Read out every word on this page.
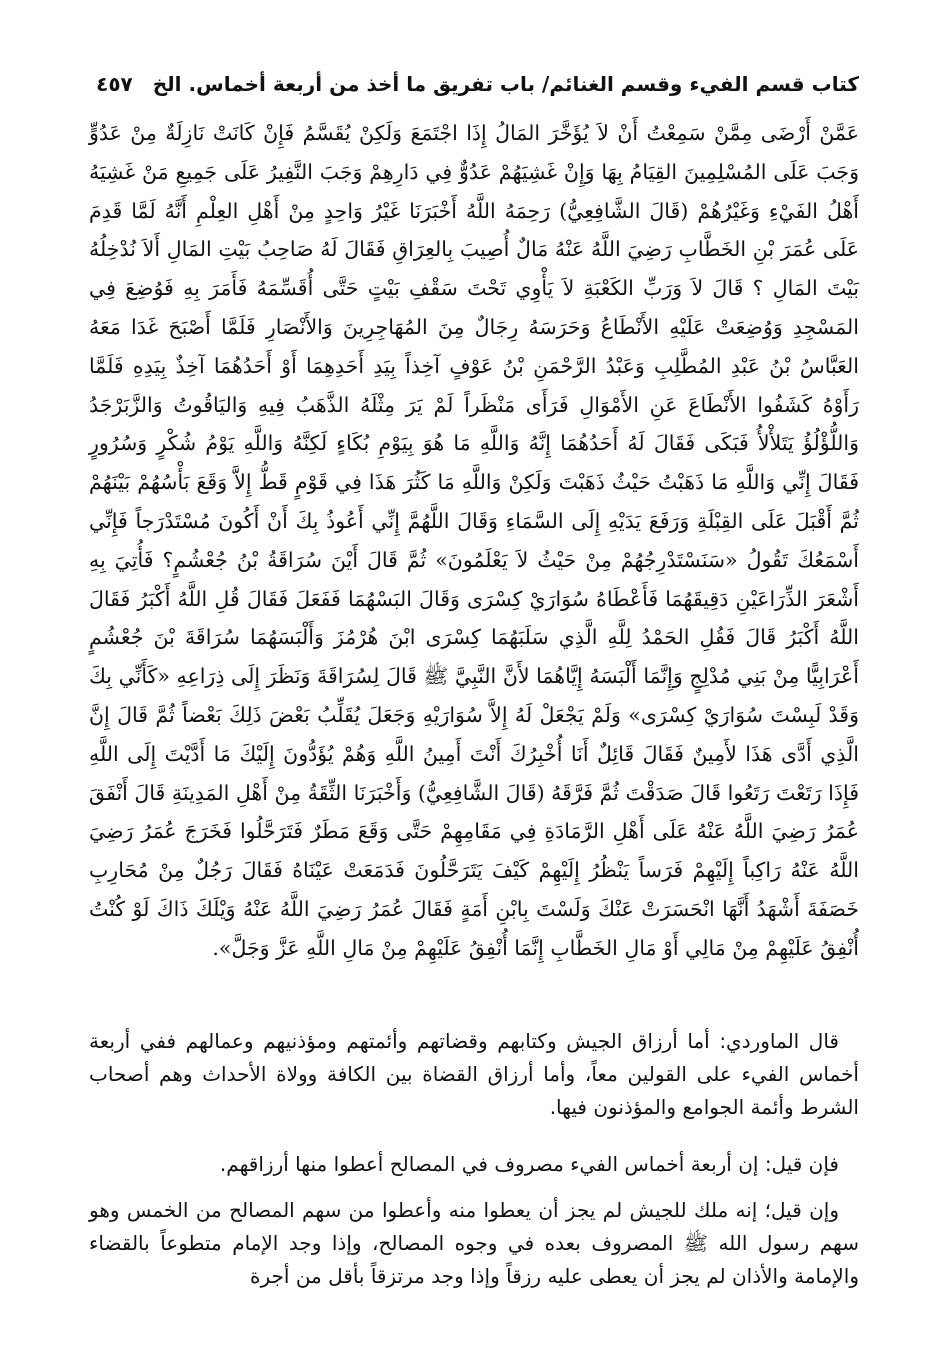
كتاب قسم الفيء وقسم الغنائم/ باب تفريق ما أخذ من أربعة أخماس. الخ
٤٥٧

عَمَّنْ أَرْضَى مِمَّنْ سَمِعْتُ أَنْ لاَ يُؤَخَّرَ المَالُ إِذَا اجْتَمَعَ وَلَكِنْ يُقَسَّمُ فَإِنْ كَانَتْ نَازِلَةٌ مِنْ عَدُوٍّ وَجَبَ عَلَى المُسْلِمِينَ القِيَامُ بِهَا وَإِنْ غَشِيَهُمْ عَدُوٌّ فِي دَارِهِمْ وَجَبَ النَّفِيرُ عَلَى جَمِيعِ مَنْ غَشِيَهُ أَهْلُ الفَيْءِ وَغَيْرُهُمْ (قَالَ الشَّافِعِيُّ) رَحِمَهُ اللَّهُ أَخْبَرَنَا غَيْرُ وَاحِدٍ مِنْ أَهْلِ العِلْمِ أَنَّهُ لَمَّا قَدِمَ عَلَى عُمَرَ بْنِ الخَطَّابِ رَضِيَ اللَّهُ عَنْهُ مَالٌ أُصِيبَ بِالعِرَاقِ فَقَالَ لَهُ صَاحِبُ بَيْتِ المَالِ أَلاَ نُدْخِلُهُ بَيْتَ المَالِ ؟ قَالَ لاَ وَرَبِّ الكَعْبَةِ لاَ يَأْوِي تَحْتَ سَقْفِ بَيْتٍ حَتَّى أُقَسِّمَهُ فَأَمَرَ بِهِ فَوُضِعَ فِي المَسْجِدِ وَوُضِعَتْ عَلَيْهِ الأَنْطَاعُ وَحَرَسَهُ رِجَالٌ مِنَ المُهَاجِرِينَ وَالأَنْصَارِ فَلَمَّا أَصْبَحَ غَدَا مَعَهُ العَبَّاسُ بْنُ عَبْدِ المُطَّلِبِ وَعَبْدُ الرَّحْمَنِ بْنُ عَوْفٍ آخِذاً بِيَدِ أَحَدِهِمَا أَوْ أَحَدُهُمَا آخِذٌ بِيَدِهِ فَلَمَّا رَأَوْهُ كَشَفُوا الأَنْطَاعَ عَنِ الأَمْوَالِ فَرَأَى مَنْظَراً لَمْ يَرَ مِثْلَهُ الذَّهَبُ فِيهِ وَاليَاقُوتُ وَالزَّبَرْجَدُ وَاللُّؤْلُؤُ يَتَلأْلأُ فَبَكَى فَقَالَ لَهُ أَحَدُهُمَا إِنَّهُ وَاللَّهِ مَا هُوَ بِيَوْمِ بُكَاءٍ لَكِنَّهُ وَاللَّهِ يَوْمُ شُكْرٍ وَسُرُورٍ فَقَالَ إِنِّي وَاللَّهِ مَا ذَهَبْتُ حَيْثُ ذَهَبْتَ وَلَكِنْ وَاللَّهِ مَا كَثُرَ هَذَا فِي قَوْمٍ قَطُّ إِلاَّ وَقَعَ بَأْسُهُمْ بَيْنَهُمْ ثُمَّ أَقْبَلَ عَلَى القِبْلَةِ وَرَفَعَ يَدَيْهِ إِلَى السَّمَاءِ وَقَالَ اللَّهُمَّ إِنِّي أَعُوذُ بِكَ أَنْ أَكُونَ مُسْتَدْرَجاً فَإِنِّي أَسْمَعُكَ تَقُولُ «سَنَسْتَدْرِجُهُمْ مِنْ حَيْثُ لاَ يَعْلَمُونَ» ثُمَّ قَالَ أَيْنَ سُرَاقَةُ بْنُ جُعْشُمٍ؟ فَأُتِيَ بِهِ أَشْعَرَ الذِّرَاعَيْنِ دَقِيقَهُمَا فَأَعْطَاهُ سُوَارَيْ كِسْرَى وَقَالَ البَسْهُمَا فَفَعَلَ فَقَالَ قُلِ اللَّهُ أَكْبَرُ فَقَالَ اللَّهُ أَكْبَرُ قَالَ فَقُلِ الحَمْدُ لِلَّهِ الَّذِي سَلَبَهُمَا كِسْرَى ابْنَ هُرْمُزَ وَأَلْبَسَهُمَا سُرَاقَةَ بْنَ جُعْشُمٍ أَعْرَابِيًّا مِنْ بَنِي مُدْلِجٍ وَإِنَّمَا أَلْبَسَهُ إِيَّاهُمَا لأَنَّ النَّبِيَّ ﷺ قَالَ لِسُرَاقَةَ وَنَظَرَ إِلَى ذِرَاعِهِ «كَأَنِّي بِكَ وَقَدْ لَبِسْتَ سُوَارَيْ كِسْرَى» وَلَمْ يَجْعَلْ لَهُ إِلاَّ سُوَارَيْهِ وَجَعَلَ يُقَلِّبُ بَعْضَ ذَلِكَ بَعْضاً ثُمَّ قَالَ إِنَّ الَّذِي أَدَّى هَذَا لأَمِينٌ فَقَالَ قَائِلٌ أَنَا أُخْبِرُكَ أَنْتَ أَمِينُ اللَّهِ وَهُمْ يُؤَدُّونَ إِلَيْكَ مَا أَدَّيْتَ إِلَى اللَّهِ فَإِذَا رَتَعْتَ رَتَعُوا قَالَ صَدَقْتَ ثُمَّ فَرَّقَهُ (قَالَ الشَّافِعِيُّ) وَأَخْبَرَنَا الثِّقَةُ مِنْ أَهْلِ المَدِينَةِ قَالَ أَنْفَقَ عُمَرُ رَضِيَ اللَّهُ عَنْهُ عَلَى أَهْلِ الرَّمَادَةِ فِي مَقَامِهِمْ حَتَّى وَقَعَ مَطَرٌ فَتَرَحَّلُوا فَخَرَجَ عُمَرُ رَضِيَ اللَّهُ عَنْهُ رَاكِباً إِلَيْهِمْ فَرَساً يَنْظُرُ إِلَيْهِمْ كَيْفَ يَتَرَحَّلُونَ فَدَمَعَتْ عَيْنَاهُ فَقَالَ رَجُلٌ مِنْ مُحَارِبِ خَصَفَةَ أَشْهَدُ أَنَّهَا انْحَسَرَتْ عَنْكَ وَلَسْتَ بِابْنِ أَمَةٍ فَقَالَ عُمَرُ رَضِيَ اللَّهُ عَنْهُ وَيْلَكَ ذَاكَ لَوْ كُنْتُ أُنْفِقُ عَلَيْهِمْ مِنْ مَالِي أَوْ مَالِ الخَطَّابِ إِنَّمَا أُنْفِقُ عَلَيْهِمْ مِنْ مَالِ اللَّهِ عَزَّ وَجَلَّ».

قال الماوردي: أما أرزاق الجيش وكتابهم وقضاتهم وأئمتهم ومؤذنيهم وعمالهم ففي أربعة أخماس الفيء على القولين معاً، وأما أرزاق القضاة بين الكافة وولاة الأحداث وهم أصحاب الشرط وأئمة الجوامع والمؤذنون فيها.

فإن قيل: إن أربعة أخماس الفيء مصروف في المصالح أعطوا منها أرزاقهم.

وإن قيل؛ إنه ملك للجيش لم يجز أن يعطوا منه وأعطوا من سهم المصالح من الخمس وهو سهم رسول الله ﷺ المصروف بعده في وجوه المصالح، وإذا وجد الإمام متطوعاً بالقضاء والإمامة والأذان لم يجز أن يعطى عليه رزقاً وإذا وجد مرتزقاً بأقل من أجرة
